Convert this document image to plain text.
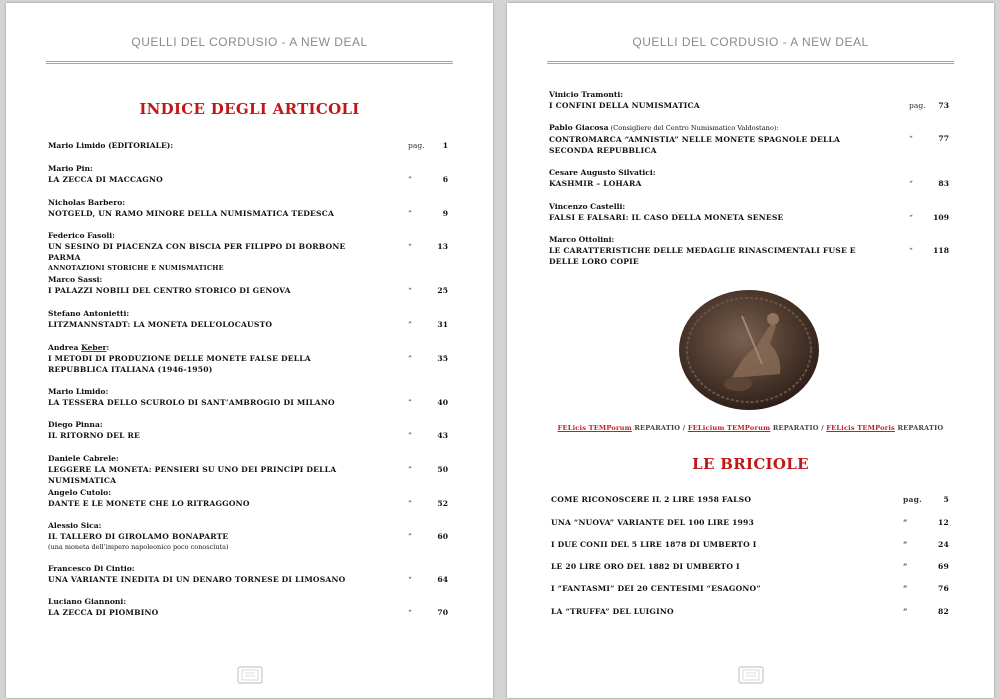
QUELLI DEL CORDUSIO - A NEW DEAL
INDICE DEGLI ARTICOLI
Mario Limido (EDITORIALE):	pag.	1
Mario Pin:
LA ZECCA DI MACCAGNO	”	6
Nicholas Barbero:
NOTGELD, UN RAMO MINORE DELLA NUMISMATICA TEDESCA	”	9
Federico Fasoli:
UN SESINO DI PIACENZA CON BISCIA PER FILIPPO DI BORBONE PARMA
ANNOTAZIONI STORICHE E NUMISMATICHE
“	13
Marco Sassi:
I PALAZZI NOBILI DEL CENTRO STORICO DI GENOVA	“	25
Stefano Antonietti:
LITZMANNSTADT: LA MONETA DELL’OLOCAUSTO	”	31
Andrea Keber:
I METODI DI PRODUZIONE DELLE MONETE FALSE DELLA REPUBBLICA ITALIANA (1946-1950)
”	35
Mario Limido:
LA TESSERA DELLO SCUROLO DI SANT’AMBROGIO DI MILANO	”	40
Diego Pinna:
IL RITORNO DEL RE	”	43
Daniele Cabrele:
LEGGERE LA MONETA: PENSIERI SU UNO DEI PRINCÌPI DELLA NUMISMATICA
”	50
Angelo Cutolo:
DANTE E LE MONETE CHE LO RITRAGGONO	”	52
Alessio Sica:
IL TALLERO DI GIROLAMO BONAPARTE
(una moneta dell’impero napoleonico poco conosciuta)
”	60
Francesco Di Cintio:
UNA VARIANTE INEDITA DI UN DENARO TORNESE DI LIMOSANO	“	64
Luciano Giannoni:
LA ZECCA DI PIOMBINO	“	70
QUELLI DEL CORDUSIO - A NEW DEAL
Vinicio Tramonti:
I CONFINI DELLA NUMISMATICA	pag.	73
Pablo Giacosa (Consigliere del Centro Numismatico Valdostano):
CONTROMARCA “AMNISTIA” NELLE MONETE SPAGNOLE DELLA SECONDA REPUBBLICA
“	77
Cesare Augusto Silvatici:
KASHMIR – LOHARA	“	83
Vincenzo Castelli:
FALSI E FALSARI: IL CASO DELLA MONETA SENESE	“	109
Marco Ottolini:
LE CARATTERISTICHE DELLE MEDAGLIE RINASCIMENTALI FUSE E DELLE LORO COPIE
“	118
FELicis TEMPorum REPARATIO / FELicium TEMPorum REPARATIO / FELicis TEMPoris REPARATIO
LE BRICIOLE
COME RICONOSCERE IL 2 LIRE 1958 FALSO	pag.	5
UNA “NUOVA” VARIANTE DEL 100 LIRE 1993	“	12
I DUE CONII DEL 5 LIRE 1878 DI UMBERTO I	“	24
LE 20 LIRE ORO DEL 1882 DI UMBERTO I	“	69
I “FANTASMI” DEI 20 CENTESIMI “ESAGONO”	“	76
LA “TRUFFA” DEL LUIGINO	“	82
